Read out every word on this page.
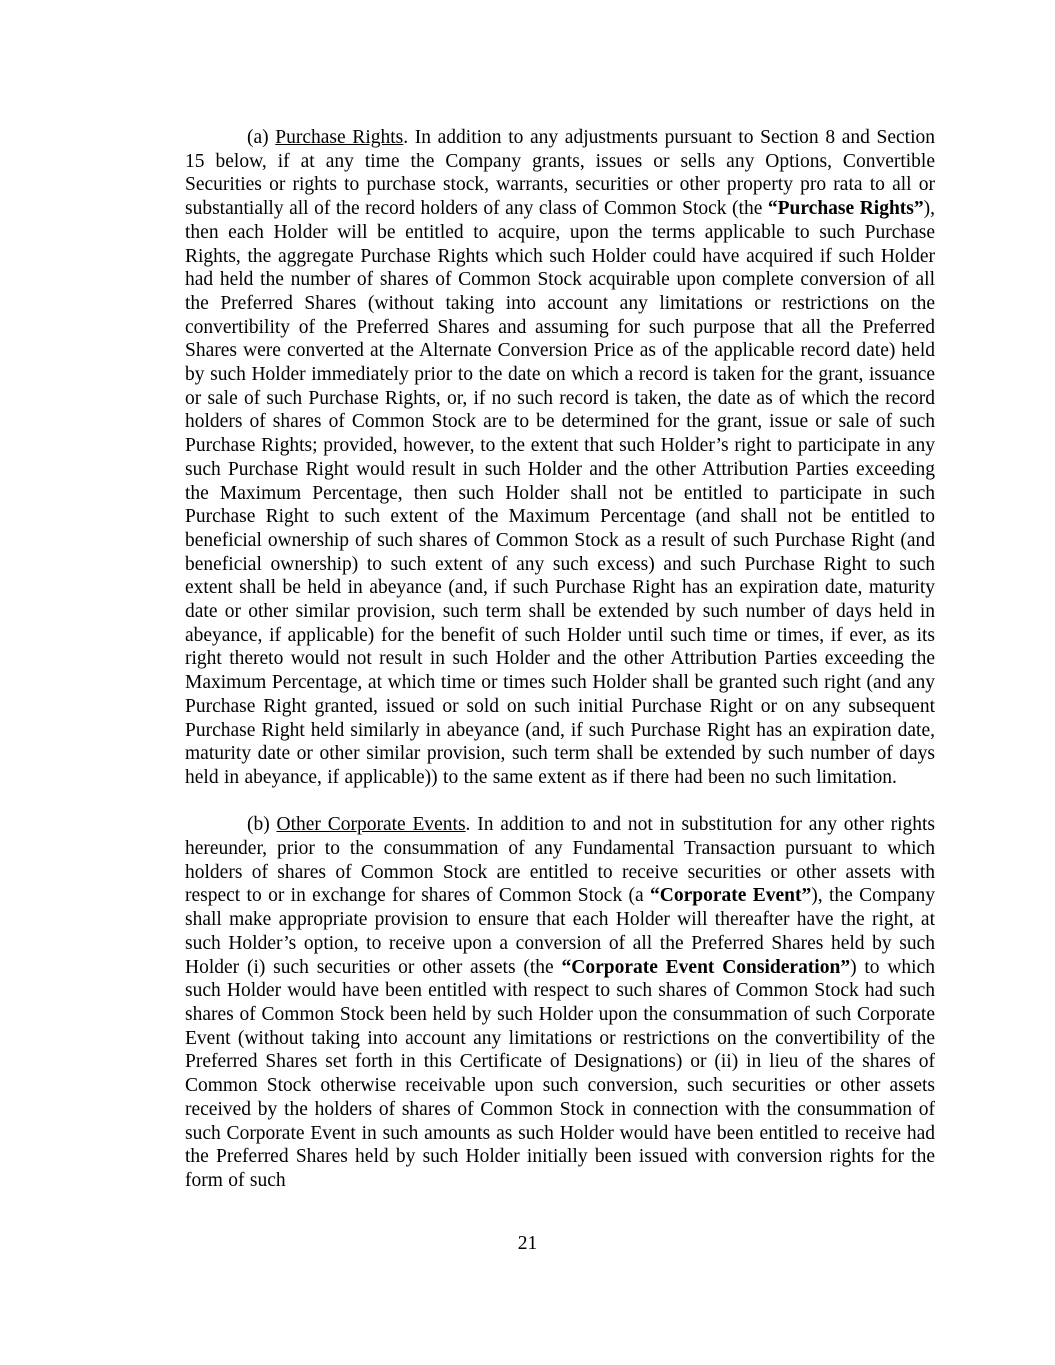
(a) Purchase Rights. In addition to any adjustments pursuant to Section 8 and Section 15 below, if at any time the Company grants, issues or sells any Options, Convertible Securities or rights to purchase stock, warrants, securities or other property pro rata to all or substantially all of the record holders of any class of Common Stock (the “Purchase Rights”), then each Holder will be entitled to acquire, upon the terms applicable to such Purchase Rights, the aggregate Purchase Rights which such Holder could have acquired if such Holder had held the number of shares of Common Stock acquirable upon complete conversion of all the Preferred Shares (without taking into account any limitations or restrictions on the convertibility of the Preferred Shares and assuming for such purpose that all the Preferred Shares were converted at the Alternate Conversion Price as of the applicable record date) held by such Holder immediately prior to the date on which a record is taken for the grant, issuance or sale of such Purchase Rights, or, if no such record is taken, the date as of which the record holders of shares of Common Stock are to be determined for the grant, issue or sale of such Purchase Rights; provided, however, to the extent that such Holder’s right to participate in any such Purchase Right would result in such Holder and the other Attribution Parties exceeding the Maximum Percentage, then such Holder shall not be entitled to participate in such Purchase Right to such extent of the Maximum Percentage (and shall not be entitled to beneficial ownership of such shares of Common Stock as a result of such Purchase Right (and beneficial ownership) to such extent of any such excess) and such Purchase Right to such extent shall be held in abeyance (and, if such Purchase Right has an expiration date, maturity date or other similar provision, such term shall be extended by such number of days held in abeyance, if applicable) for the benefit of such Holder until such time or times, if ever, as its right thereto would not result in such Holder and the other Attribution Parties exceeding the Maximum Percentage, at which time or times such Holder shall be granted such right (and any Purchase Right granted, issued or sold on such initial Purchase Right or on any subsequent Purchase Right held similarly in abeyance (and, if such Purchase Right has an expiration date, maturity date or other similar provision, such term shall be extended by such number of days held in abeyance, if applicable)) to the same extent as if there had been no such limitation.

(b) Other Corporate Events. In addition to and not in substitution for any other rights hereunder, prior to the consummation of any Fundamental Transaction pursuant to which holders of shares of Common Stock are entitled to receive securities or other assets with respect to or in exchange for shares of Common Stock (a “Corporate Event”), the Company shall make appropriate provision to ensure that each Holder will thereafter have the right, at such Holder’s option, to receive upon a conversion of all the Preferred Shares held by such Holder (i) such securities or other assets (the “Corporate Event Consideration”) to which such Holder would have been entitled with respect to such shares of Common Stock had such shares of Common Stock been held by such Holder upon the consummation of such Corporate Event (without taking into account any limitations or restrictions on the convertibility of the Preferred Shares set forth in this Certificate of Designations) or (ii) in lieu of the shares of Common Stock otherwise receivable upon such conversion, such securities or other assets received by the holders of shares of Common Stock in connection with the consummation of such Corporate Event in such amounts as such Holder would have been entitled to receive had the Preferred Shares held by such Holder initially been issued with conversion rights for the form of such

21
